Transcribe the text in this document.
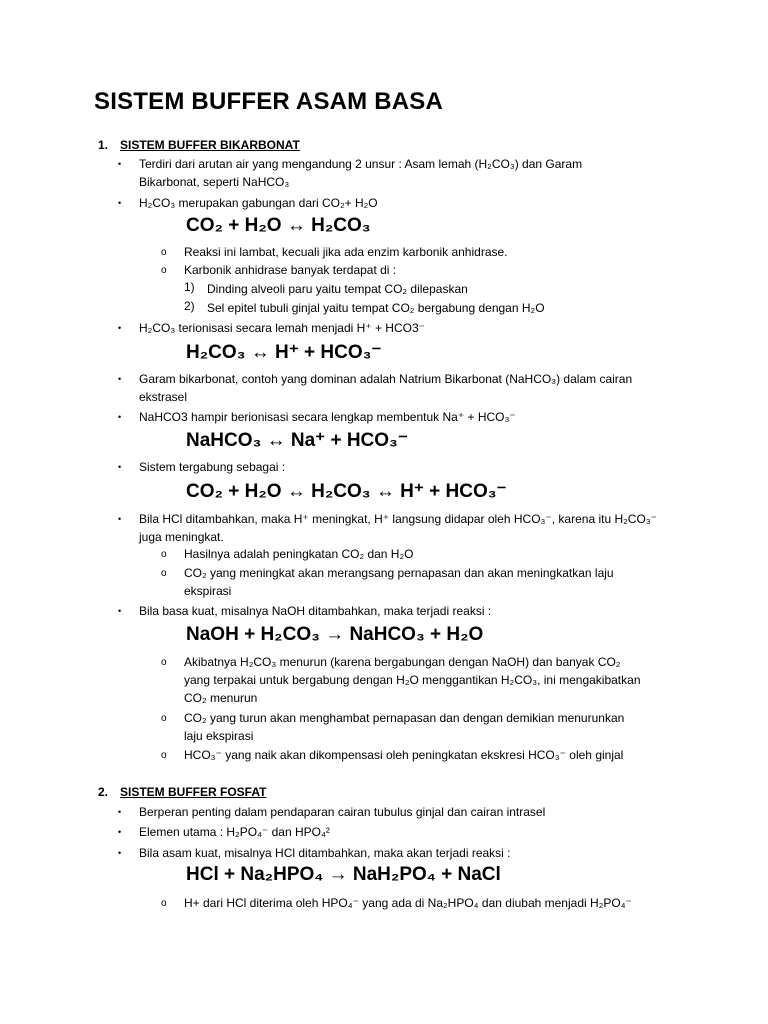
SISTEM BUFFER ASAM BASA
1. SISTEM BUFFER BIKARBONAT
• Terdiri dari arutan air yang mengandung 2 unsur : Asam lemah (H₂CO₃) dan Garam
Bikarbonat, seperti NaHCO₃
• H₂CO₃ merupakan gabungan dari CO₂+ H₂O
CO₂ + H₂O ↔ H₂CO₃
o Reaksi ini lambat, kecuali jika ada enzim karbonik anhidrase.
o Karbonik anhidrase banyak terdapat di :
1) Dinding alveoli paru yaitu tempat CO₂ dilepaskan
2) Sel epitel tubuli ginjal yaitu tempat CO₂ bergabung dengan H₂O
• H₂CO₃ terionisasi secara lemah menjadi H⁺ + HCO3⁻
H₂CO₃ ↔ H⁺ + HCO₃⁻
• Garam bikarbonat, contoh yang dominan adalah Natrium Bikarbonat (NaHCO₃) dalam cairan
ekstrasel
• NaHCO3 hampir berionisasi secara lengkap membentuk Na⁺ + HCO₃⁻
NaHCO₃ ↔ Na⁺ + HCO₃⁻
• Sistem tergabung sebagai :
CO₂ + H₂O ↔ H₂CO₃ ↔ H⁺ + HCO₃⁻
• Bila HCl ditambahkan, maka H⁺ meningkat, H⁺ langsung didapar oleh HCO₃⁻, karena itu H₂CO₃⁻
juga meningkat.
o Hasilnya adalah peningkatan CO₂ dan H₂O
o CO₂ yang meningkat akan merangsang pernapasan dan akan meningkatkan laju
ekspirasi
• Bila basa kuat, misalnya NaOH ditambahkan, maka terjadi reaksi :
NaOH + H₂CO₃ → NaHCO₃ + H₂O
o Akibatnya H₂CO₃ menurun (karena bergabungan dengan NaOH) dan banyak CO₂
yang terpakai untuk bergabung dengan H₂O menggantikan H₂CO₃, ini mengakibatkan
CO₂ menurun
o CO₂ yang turun akan menghambat pernapasan dan dengan demikian menurunkan
laju ekspirasi
o HCO₃⁻ yang naik akan dikompensasi oleh peningkatan ekskresi HCO₃⁻ oleh ginjal
2. SISTEM BUFFER FOSFAT
• Berperan penting dalam pendaparan cairan tubulus ginjal dan cairan intrasel
• Elemen utama : H₂PO₄⁻ dan HPO₄²
• Bila asam kuat, misalnya HCl ditambahkan, maka akan terjadi reaksi :
HCl + Na₂HPO₄ → NaH₂PO₄ + NaCl
o H+ dari HCl diterima oleh HPO₄⁻ yang ada di Na₂HPO₄ dan diubah menjadi H₂PO₄⁻
